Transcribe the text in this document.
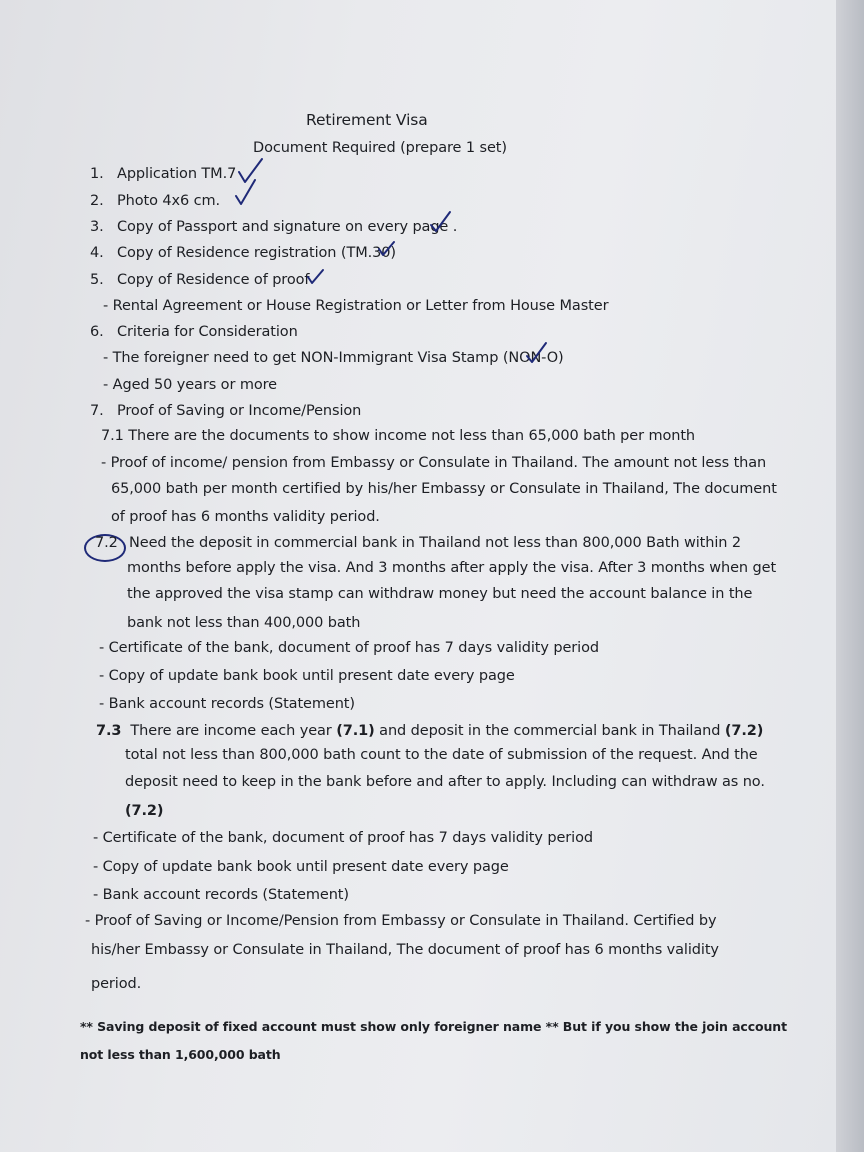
Retirement Visa
Document Required (prepare 1 set)
1. Application TM.7
2. Photo 4x6 cm.
3. Copy of Passport and signature on every page .
4. Copy of Residence registration (TM.30)
5. Copy of Residence of proof
- Rental Agreement or House Registration or Letter from House Master
6. Criteria for Consideration
- The foreigner need to get NON-Immigrant Visa Stamp (NON-O)
- Aged 50 years or more
7. Proof of Saving or Income/Pension
7.1 There are the documents to show income not less than 65,000 bath per month
- Proof of income/ pension from Embassy or Consulate in Thailand. The amount not less than
65,000 bath per month certified by his/her Embassy or Consulate in Thailand, The document
of proof has 6 months validity period.
7.2 Need the deposit in commercial bank in Thailand not less than 800,000 Bath within 2
months before apply the visa. And 3 months after apply the visa. After 3 months when get
the approved the visa stamp can withdraw money but need the account balance in the
bank not less than 400,000 bath
- Certificate of the bank, document of proof has 7 days validity period
- Copy of update bank book until present date every page
- Bank account records (Statement)
7.3 There are income each year (7.1) and deposit in the commercial bank in Thailand (7.2)
total not less than 800,000 bath count to the date of submission of the request. And the
deposit need to keep in the bank before and after to apply. Including can withdraw as no.
(7.2)
- Certificate of the bank, document of proof has 7 days validity period
- Copy of update bank book until present date every page
- Bank account records (Statement)
- Proof of Saving or Income/Pension from Embassy or Consulate in Thailand. Certified by
his/her Embassy or Consulate in Thailand, The document of proof has 6 months validity
period.
** Saving deposit of fixed account must show only foreigner name ** But if you show the join account
not less than 1,600,000 bath
